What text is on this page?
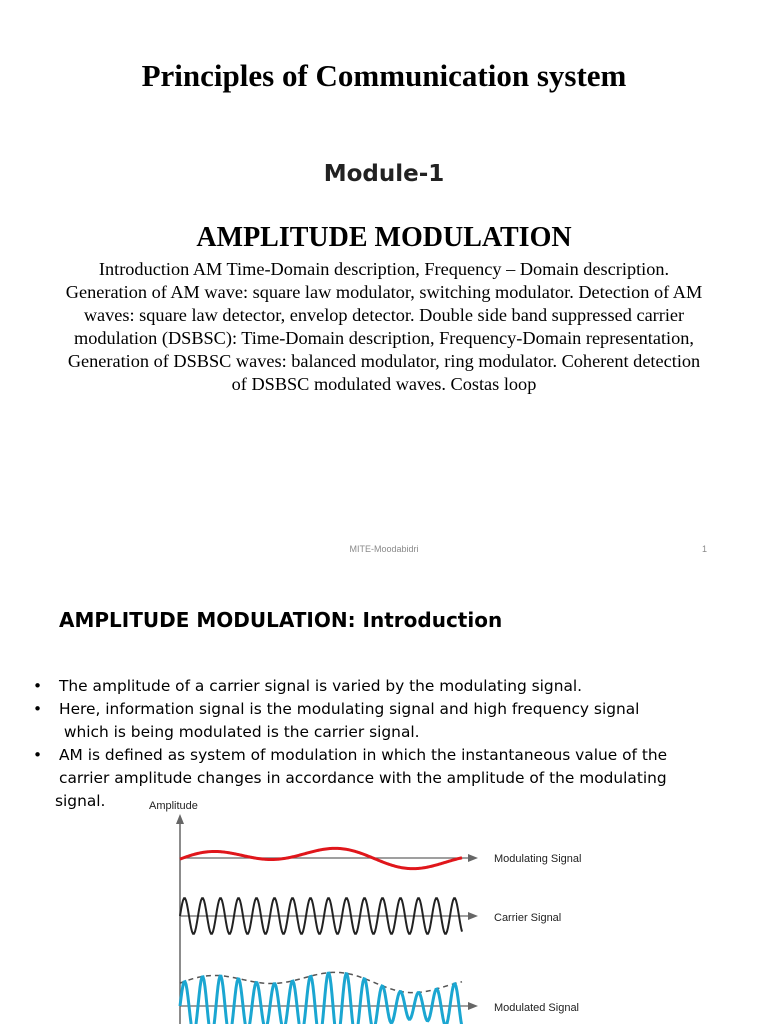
Principles of Communication system
Module-1
AMPLITUDE MODULATION

Introduction AM Time-Domain description, Frequency – Domain description.
Generation of AM wave: square law modulator, switching modulator. Detection of AM
waves: square law detector, envelop detector. Double side band suppressed carrier
modulation (DSBSC): Time-Domain description, Frequency-Domain representation,
Generation of DSBSC waves: balanced modulator, ring modulator. Coherent detection
of DSBSC modulated waves. Costas loop

MITE-Moodabidri	1
AMPLITUDE MODULATION: Introduction
• The amplitude of a carrier signal is varied by the modulating signal.
• Here, information signal is the modulating signal and high frequency signal
which is being modulated is the carrier signal.
• AM is defined as system of modulation in which the instantaneous value of the
carrier amplitude changes in accordance with the amplitude of the modulating
signal.	Amplitude
Modulating Signal
Carrier Signal
Modulated Signal
